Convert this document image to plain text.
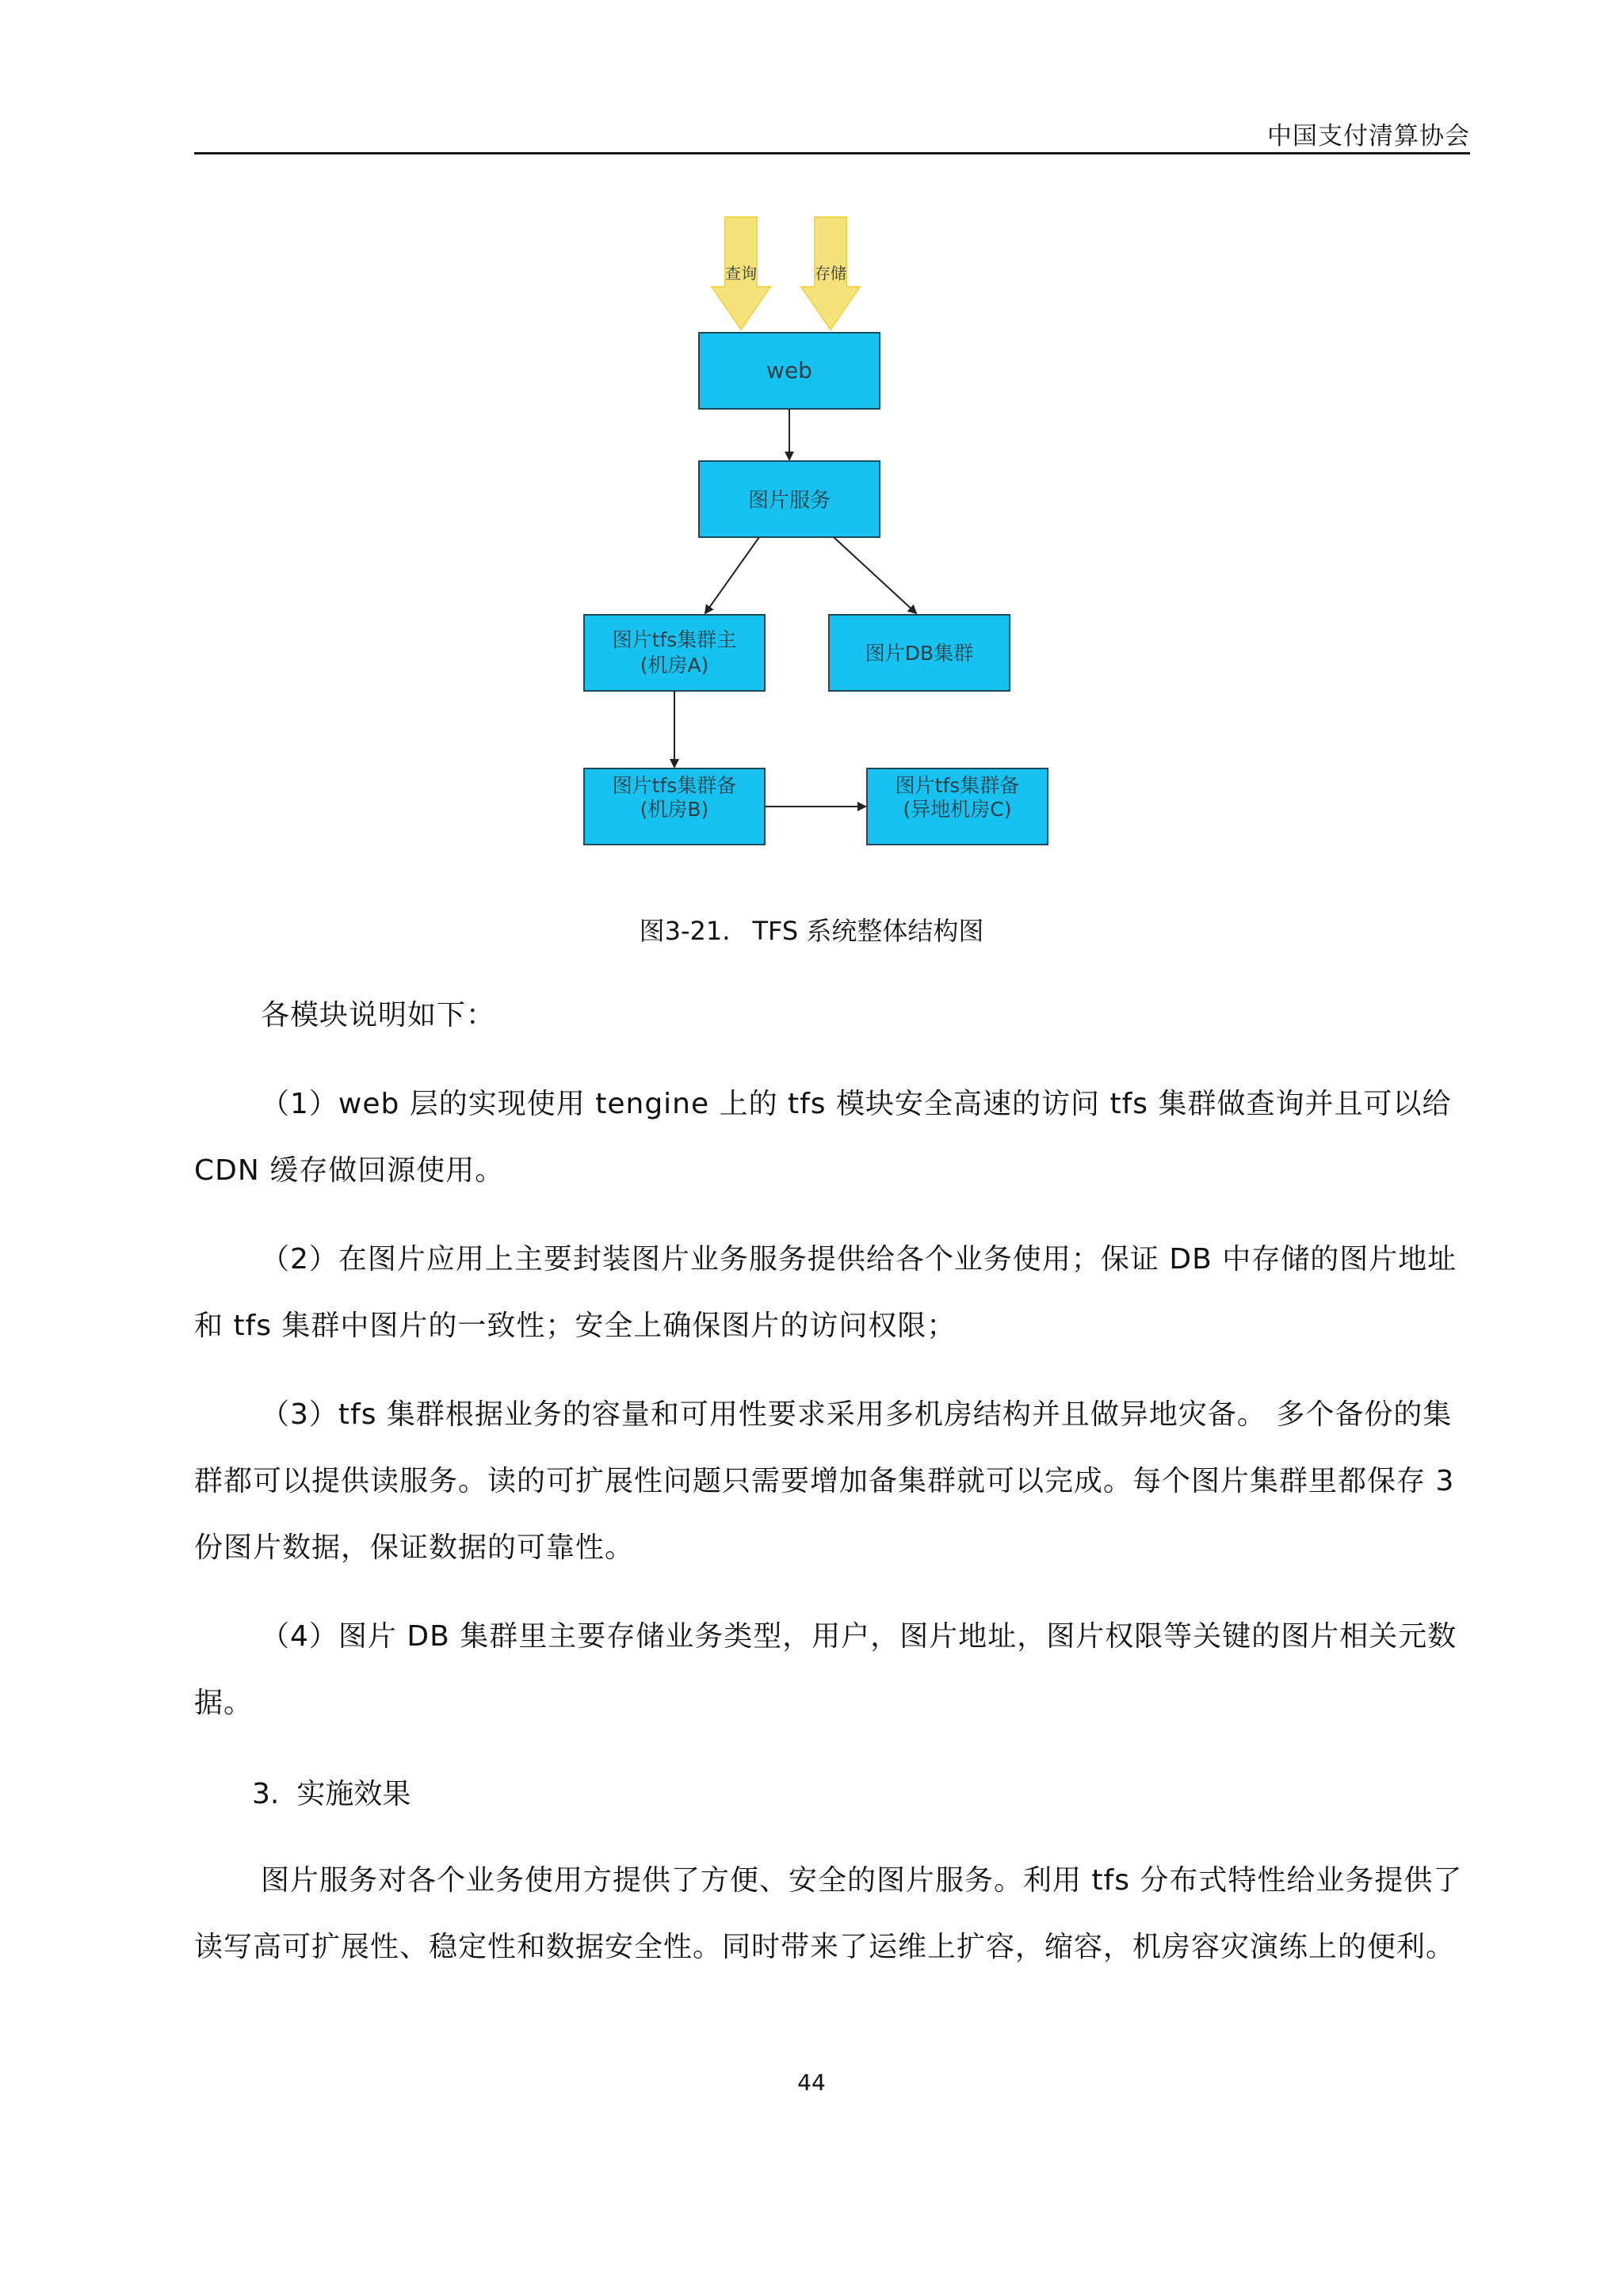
中国支付清算协会
查询	存储
web
图片服务
图片tfs集群主
(机房A)
图片DB集群
图片tfs集群备
(机房B)
图片tfs集群备
(异地机房C)
图3-21. TFS 系统整体结构图
各模块说明如下：
（1）web 层的实现使用 tengine 上的 tfs 模块安全高速的访问 tfs 集群做查询并且可以给 CDN 缓存做回源使用。
（2）在图片应用上主要封装图片业务服务提供给各个业务使用；保证 DB 中存储的图片地址和 tfs 集群中图片的一致性；安全上确保图片的访问权限；
（3）tfs 集群根据业务的容量和可用性要求采用多机房结构并且做异地灾备。 多个备份的集群都可以提供读服务。读的可扩展性问题只需要增加备集群就可以完成。每个图片集群里都保存 3 份图片数据，保证数据的可靠性。
（4）图片 DB 集群里主要存储业务类型，用户，图片地址，图片权限等关键的图片相关元数据。
3. 实施效果
图片服务对各个业务使用方提供了方便、安全的图片服务。利用 tfs 分布式特性给业务提供了读写高可扩展性、稳定性和数据安全性。同时带来了运维上扩容，缩容，机房容灾演练上的便利。
44
